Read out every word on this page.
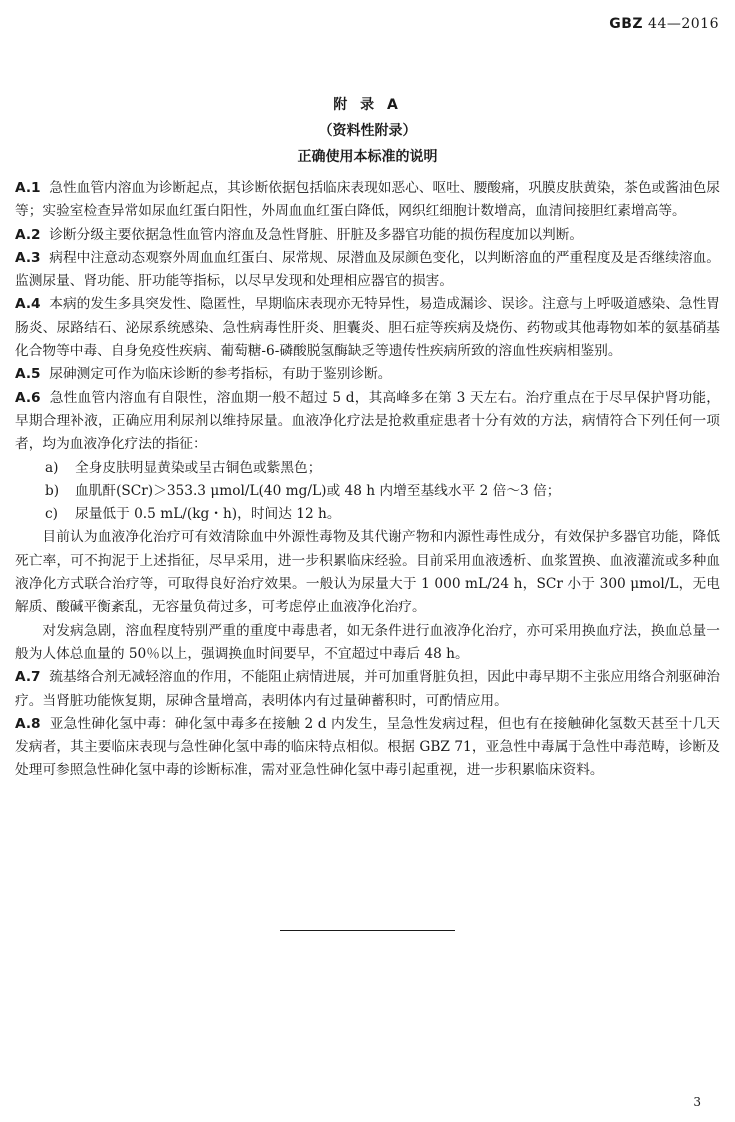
GBZ 44—2016
附 录 A
（资料性附录）
正确使用本标准的说明

A.1 急性血管内溶血为诊断起点，其诊断依据包括临床表现如恶心、呕吐、腰酸痛，巩膜皮肤黄染，茶色或酱油色尿等；实验室检查异常如尿血红蛋白阳性，外周血血红蛋白降低，网织红细胞计数增高，血清间接胆红素增高等。

A.2 诊断分级主要依据急性血管内溶血及急性肾脏、肝脏及多器官功能的损伤程度加以判断。

A.3 病程中注意动态观察外周血血红蛋白、尿常规、尿潜血及尿颜色变化，以判断溶血的严重程度及是否继续溶血。监测尿量、肾功能、肝功能等指标，以尽早发现和处理相应器官的损害。

A.4 本病的发生多具突发性、隐匿性，早期临床表现亦无特异性，易造成漏诊、误诊。注意与上呼吸道感染、急性胃肠炎、尿路结石、泌尿系统感染、急性病毒性肝炎、胆囊炎、胆石症等疾病及烧伤、药物或其他毒物如苯的氨基硝基化合物等中毒、自身免疫性疾病、葡萄糖-6-磷酸脱氢酶缺乏等遗传性疾病所致的溶血性疾病相鉴别。

A.5 尿砷测定可作为临床诊断的参考指标，有助于鉴别诊断。

A.6 急性血管内溶血有自限性，溶血期一般不超过 5 d，其高峰多在第 3 天左右。治疗重点在于尽早保护肾功能，早期合理补液，正确应用利尿剂以维持尿量。血液净化疗法是抢救重症患者十分有效的方法，病情符合下列任何一项者，均为血液净化疗法的指征：

a) 全身皮肤明显黄染或呈古铜色或紫黑色；

b) 血肌酐(SCr)＞353.3 μmol/L(40 mg/L)或 48 h 内增至基线水平 2 倍～3 倍；

c) 尿量低于 0.5 mL/(kg・h)，时间达 12 h。

目前认为血液净化治疗可有效清除血中外源性毒物及其代谢产物和内源性毒性成分，有效保护多器官功能，降低死亡率，可不拘泥于上述指征，尽早采用，进一步积累临床经验。目前采用血液透析、血浆置换、血液灌流或多种血液净化方式联合治疗等，可取得良好治疗效果。一般认为尿量大于 1 000 mL/24 h，SCr 小于 300 μmol/L，无电解质、酸碱平衡紊乱，无容量负荷过多，可考虑停止血液净化治疗。

对发病急剧，溶血程度特别严重的重度中毒患者，如无条件进行血液净化治疗，亦可采用换血疗法，换血总量一般为人体总血量的 50％以上，强调换血时间要早，不宜超过中毒后 48 h。

A.7 巯基络合剂无减轻溶血的作用，不能阻止病情进展，并可加重肾脏负担，因此中毒早期不主张应用络合剂驱砷治疗。当肾脏功能恢复期，尿砷含量增高，表明体内有过量砷蓄积时，可酌情应用。

A.8 亚急性砷化氢中毒：砷化氢中毒多在接触 2 d 内发生，呈急性发病过程，但也有在接触砷化氢数天甚至十几天发病者，其主要临床表现与急性砷化氢中毒的临床特点相似。根据 GBZ 71，亚急性中毒属于急性中毒范畴，诊断及处理可参照急性砷化氢中毒的诊断标准，需对亚急性砷化氢中毒引起重视，进一步积累临床资料。

3
